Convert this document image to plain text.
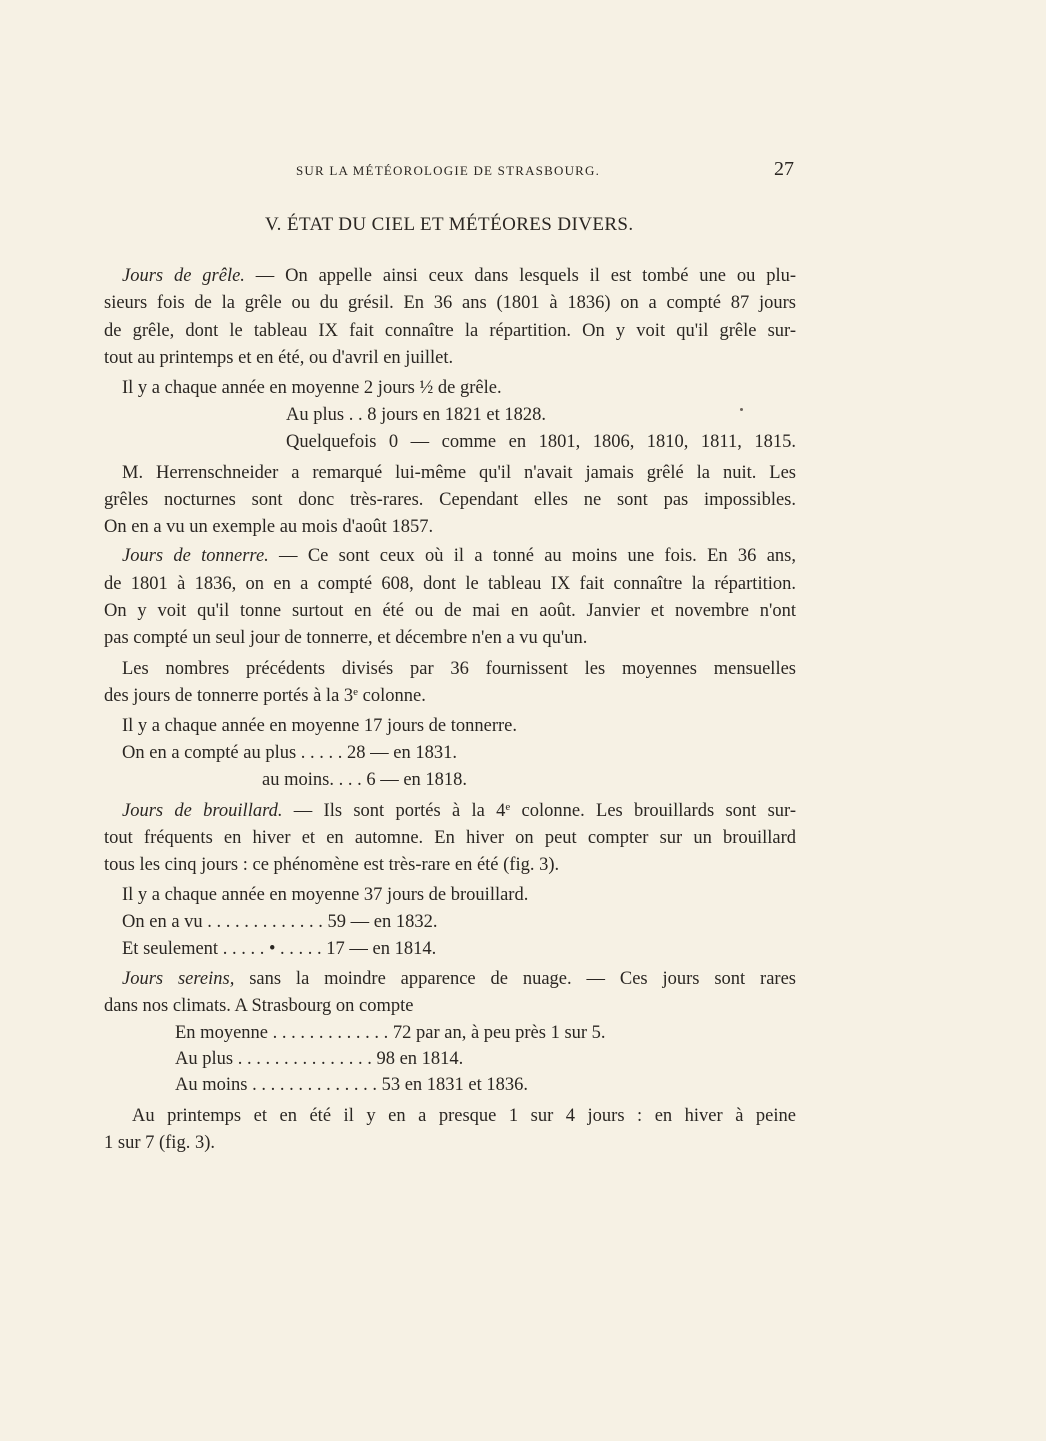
SUR LA MÉTÉOROLOGIE DE STRASBOURG.	27
V. ÉTAT DU CIEL ET MÉTÉORES DIVERS.
Jours de grêle. — On appelle ainsi ceux dans lesquels il est tombé une ou plu-
sieurs fois de la grêle ou du grésil. En 36 ans (1801 à 1836) on a compté 87 jours
de grêle, dont le tableau IX fait connaître la répartition. On y voit qu'il grêle sur-
tout au printemps et en été, ou d'avril en juillet.
Il y a chaque année en moyenne 2 jours ½ de grêle.
Au plus . . 8 jours en 1821 et 1828.
Quelquefois 0 — comme en 1801, 1806, 1810, 1811, 1815.
M. Herrenschneider a remarqué lui-même qu'il n'avait jamais grêlé la nuit. Les
grêles nocturnes sont donc très-rares. Cependant elles ne sont pas impossibles.
On en a vu un exemple au mois d'août 1857.
Jours de tonnerre. — Ce sont ceux où il a tonné au moins une fois. En 36 ans,
de 1801 à 1836, on en a compté 608, dont le tableau IX fait connaître la répartition.
On y voit qu'il tonne surtout en été ou de mai en août. Janvier et novembre n'ont
pas compté un seul jour de tonnerre, et décembre n'en a vu qu'un.
Les nombres précédents divisés par 36 fournissent les moyennes mensuelles
des jours de tonnerre portés à la 3e colonne.
Il y a chaque année en moyenne 17 jours de tonnerre.
On en a compté au plus . . . . . 28 — en 1831.
au moins. . . . 6 — en 1818.
Jours de brouillard. — Ils sont portés à la 4e colonne. Les brouillards sont sur-
tout fréquents en hiver et en automne. En hiver on peut compter sur un brouillard
tous les cinq jours : ce phénomène est très-rare en été (fig. 3).
Il y a chaque année en moyenne 37 jours de brouillard.
On en a vu . . . . . . . . . . . . . 59 — en 1832.
Et seulement . . . . . • . . . . . 17 — en 1814.
Jours sereins, sans la moindre apparence de nuage. — Ces jours sont rares
dans nos climats. A Strasbourg on compte
En moyenne . . . . . . . . . . . . . 72 par an, à peu près 1 sur 5.
Au plus . . . . . . . . . . . . . . . 98 en 1814.
Au moins . . . . . . . . . . . . . . 53 en 1831 et 1836.
Au printemps et en été il y en a presque 1 sur 4 jours : en hiver à peine
1 sur 7 (fig. 3).
